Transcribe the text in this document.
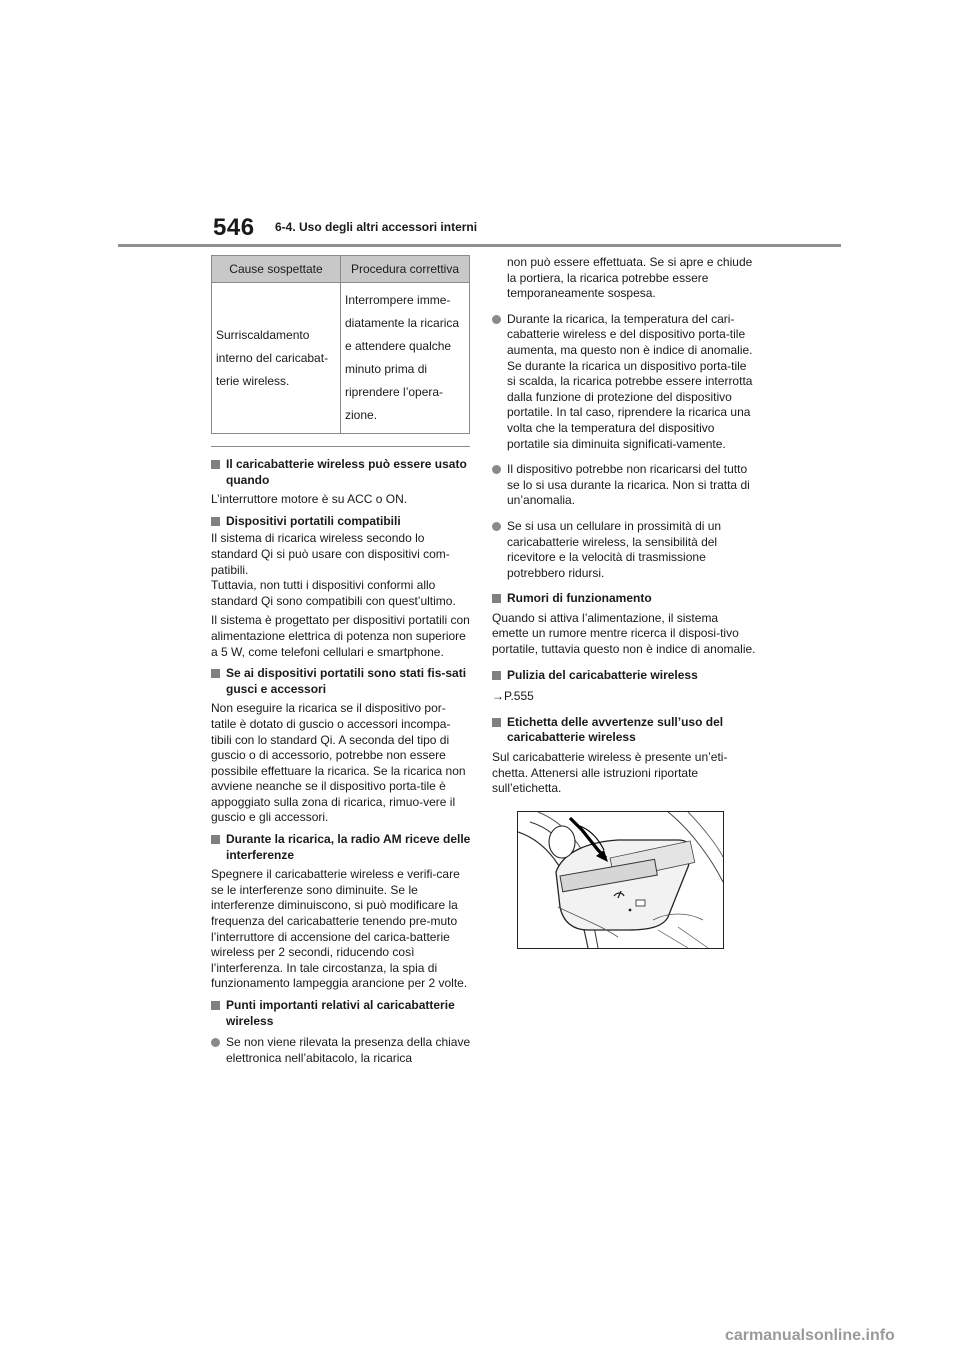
546 6-4. Uso degli altri accessori interni
Cause sospettate	Procedura correttiva
Surriscaldamento interno del caricabat-terie wireless.	Interrompere imme-diatamente la ricarica e attendere qualche minuto prima di riprendere l’opera-zione.
Il caricabatterie wireless può essere usato quando

L’interruttore motore è su ACC o ON.

Dispositivi portatili compatibili

Il sistema di ricarica wireless secondo lo standard Qi si può usare con dispositivi com-patibili.

Tuttavia, non tutti i dispositivi conformi allo standard Qi sono compatibili con quest’ultimo.

Il sistema è progettato per dispositivi portatili con alimentazione elettrica di potenza non superiore a 5 W, come telefoni cellulari e smartphone.

Se ai dispositivi portatili sono stati fis-sati gusci e accessori

Non eseguire la ricarica se il dispositivo por-tatile è dotato di guscio o accessori incompa-tibili con lo standard Qi. A seconda del tipo di guscio o di accessorio, potrebbe non essere possibile effettuare la ricarica. Se la ricarica non avviene neanche se il dispositivo porta-tile è appoggiato sulla zona di ricarica, rimuo-vere il guscio e gli accessori.

Durante la ricarica, la radio AM riceve delle interferenze

Spegnere il caricabatterie wireless e verifi-care se le interferenze sono diminuite. Se le interferenze diminuiscono, si può modificare la frequenza del caricabatterie tenendo pre-muto l’interruttore di accensione del carica-batterie wireless per 2 secondi, riducendo così l’interferenza. In tale circostanza, la spia di funzionamento lampeggia arancione per 2 volte.

Punti importanti relativi al caricabatterie wireless
Se non viene rilevata la presenza della chiave elettronica nell’abitacolo, la ricarica
non può essere effettuata. Se si apre e chiude la portiera, la ricarica potrebbe essere temporaneamente sospesa.
Durante la ricarica, la temperatura del cari-cabatterie wireless e del dispositivo porta-tile aumenta, ma questo non è indice di anomalie.
Se durante la ricarica un dispositivo porta-tile si scalda, la ricarica potrebbe essere interrotta dalla funzione di protezione del dispositivo portatile. In tal caso, riprendere la ricarica una volta che la temperatura del dispositivo portatile sia diminuita significati-vamente.
Il dispositivo potrebbe non ricaricarsi del tutto se lo si usa durante la ricarica. Non si tratta di un’anomalia.
Se si usa un cellulare in prossimità di un caricabatterie wireless, la sensibilità del ricevitore e la velocità di trasmissione potrebbero ridursi.
Rumori di funzionamento

Quando si attiva l’alimentazione, il sistema emette un rumore mentre ricerca il disposi-tivo portatile, tuttavia questo non è indice di anomalie.

Pulizia del caricabatterie wireless

→P.555

Etichetta delle avvertenze sull’uso del caricabatterie wireless

Sul caricabatterie wireless è presente un’eti-chetta. Attenersi alle istruzioni riportate sull’etichetta.

carmanualsonline.info
